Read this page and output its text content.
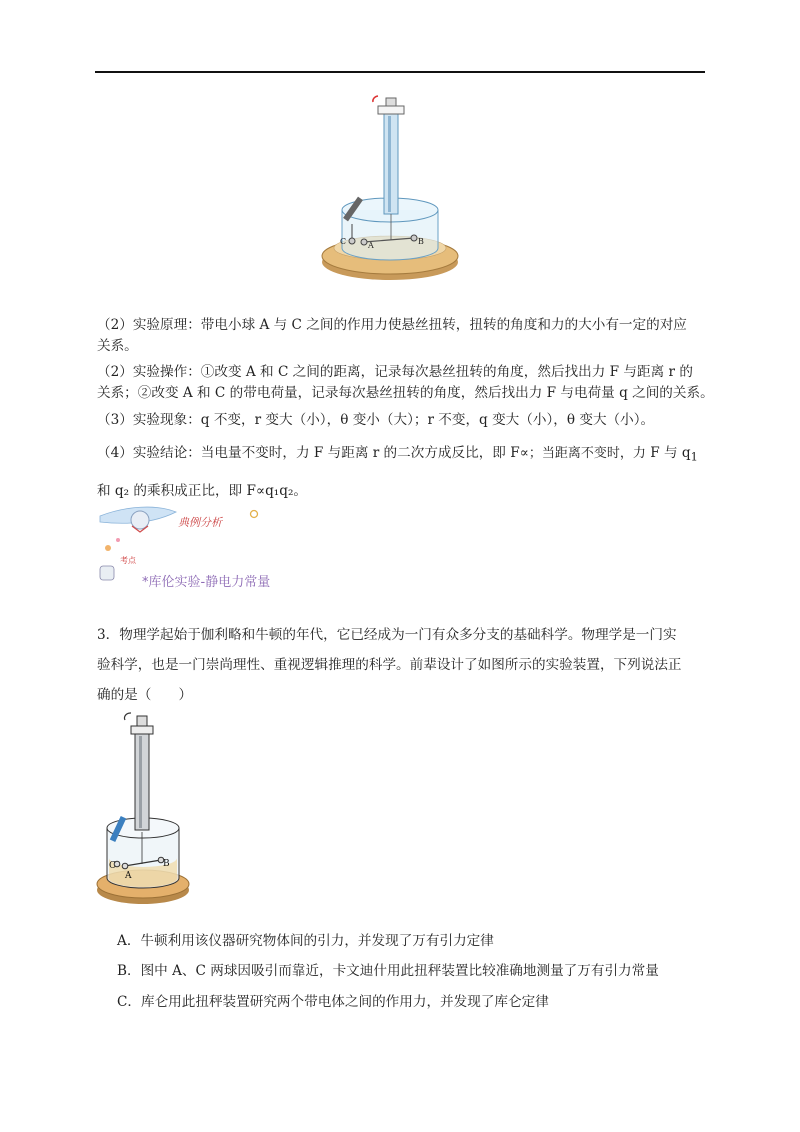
C	A	B

（2）实验原理：带电小球 A 与 C 之间的作用力使悬丝扭转，扭转的角度和力的大小有一定的对应
关系。

（2）实验操作：①改变 A 和 C 之间的距离，记录每次悬丝扭转的角度，然后找出力 F 与距离 r 的
关系；②改变 A 和 C 的带电荷量，记录每次悬丝扭转的角度，然后找出力 F 与电荷量 q 之间的关系。

（3）实验现象：q 不变，r 变大（小），θ 变小（大）；r 不变，q 变大（小），θ 变大（小）。

（4）实验结论：当电量不变时，力 F 与距离 r 的二次方成反比，即 F∝；当距离不变时，力 F 与 $q_1$
和 q₂ 的乘积成正比，即 F∝q₁q₂。

典例分析
考点
*库伦实验-静电力常量

3．物理学起始于伽利略和牛顿的年代，它已经成为一门有众多分支的基础科学。物理学是一门实
验科学，也是一门崇尚理性、重视逻辑推理的科学。前辈设计了如图所示的实验装置，下列说法正
确的是（　　）

C
A
B

A．牛顿利用该仪器研究物体间的引力，并发现了万有引力定律

B．图中 A、C 两球因吸引而靠近，卡文迪什用此扭秤装置比较准确地测量了万有引力常量

C．库仑用此扭秤装置研究两个带电体之间的作用力，并发现了库仑定律
